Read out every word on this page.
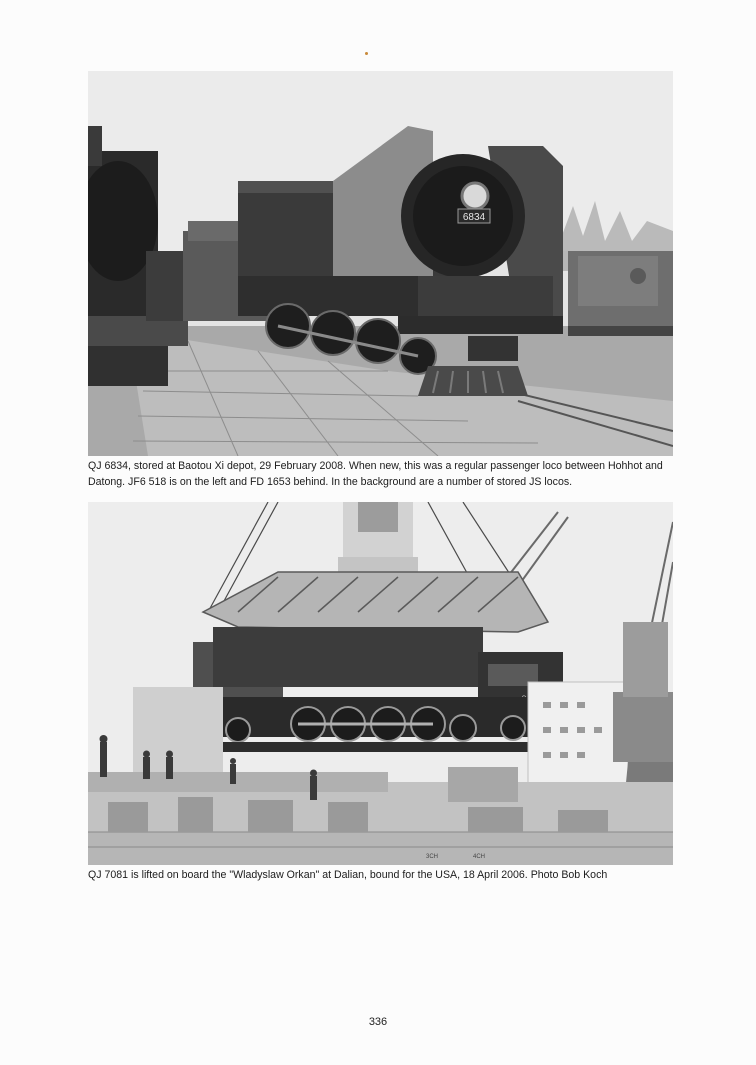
6834

QJ 6834, stored at Baotou Xi depot, 29 February 2008. When new, this was a regular passenger loco between Hohhot and Datong. JF6 518 is on the left and FD 1653 behind. In the background are a number of stored JS locos.

3CH	4CH

QJ 7081 is lifted on board the "Wladyslaw Orkan" at Dalian, bound for the USA, 18 April 2006. Photo Bob Koch

336
